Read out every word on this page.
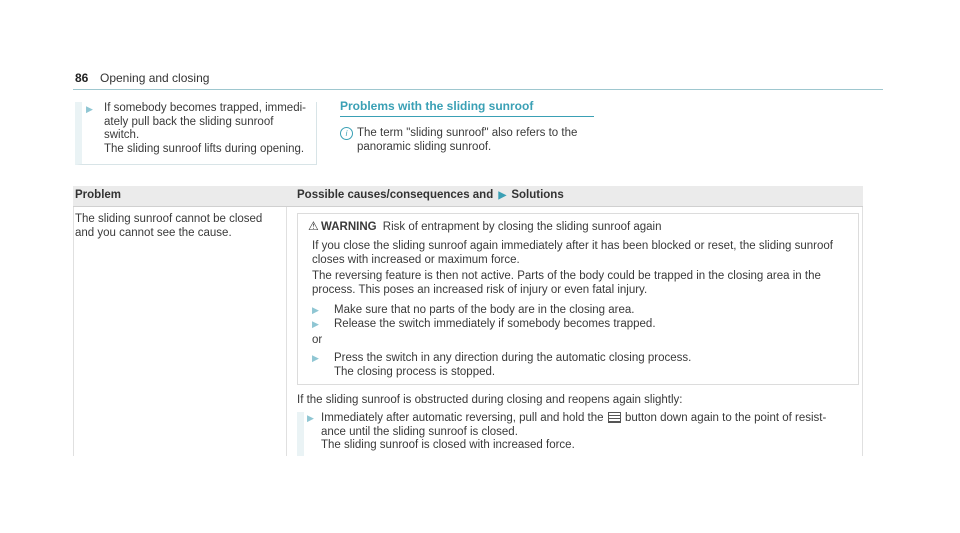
86 Opening and closing
▶ If somebody becomes trapped, immedi-
ately pull back the sliding sunroof
switch.
The sliding sunroof lifts during opening.
Problems with the sliding sunroof
i The term "sliding sunroof" also refers to the
panoramic sliding sunroof.
Problem	Possible causes/consequences and ▶ Solutions
The sliding sunroof cannot be closed
and you cannot see the cause.	⚠ WARNING Risk of entrapment by closing the sliding sunroof again
If you close the sliding sunroof again immediately after it has been blocked or reset, the sliding sunroof
closes with increased or maximum force.
The reversing feature is then not active. Parts of the body could be trapped in the closing area in the
process. This poses an increased risk of injury or even fatal injury.
▶ Make sure that no parts of the body are in the closing area.
▶ Release the switch immediately if somebody becomes trapped.
or
▶ Press the switch in any direction during the automatic closing process.
The closing process is stopped.
If the sliding sunroof is obstructed during closing and reopens again slightly:
▶ Immediately after automatic reversing, pull and hold the button down again to the point of resist-
ance until the sliding sunroof is closed.
The sliding sunroof is closed with increased force.
